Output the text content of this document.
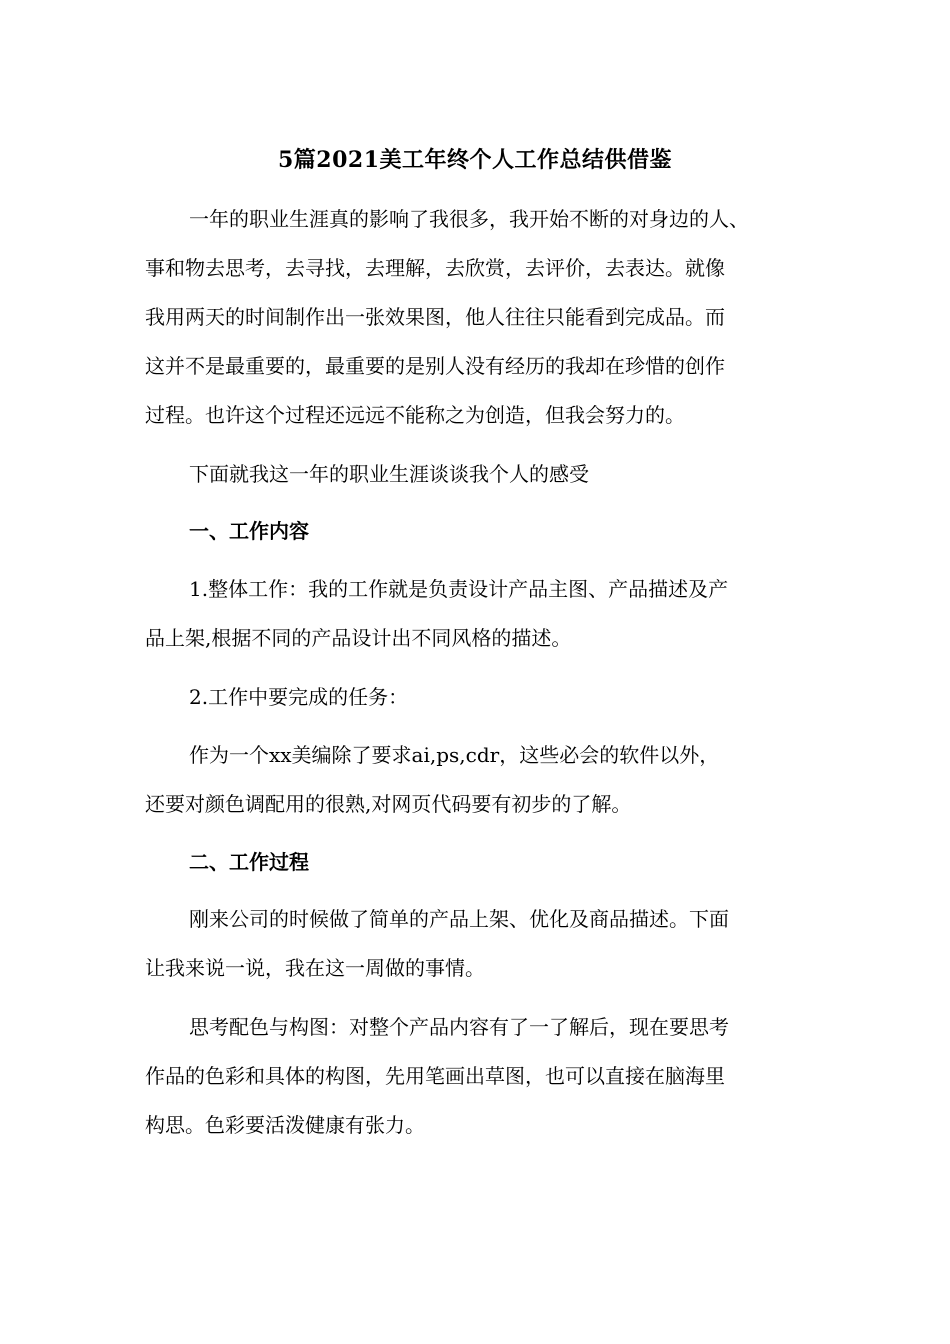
5篇2021美工年终个人工作总结供借鉴
一年的职业生涯真的影响了我很多，我开始不断的对身边的人、
事和物去思考，去寻找，去理解，去欣赏，去评价，去表达。就像
我用两天的时间制作出一张效果图，他人往往只能看到完成品。而
这并不是最重要的，最重要的是别人没有经历的我却在珍惜的创作
过程。也许这个过程还远远不能称之为创造，但我会努力的。
下面就我这一年的职业生涯谈谈我个人的感受
一、工作内容
1.整体工作：我的工作就是负责设计产品主图、产品描述及产
品上架,根据不同的产品设计出不同风格的描述。
2.工作中要完成的任务：
作为一个xx美编除了要求ai,ps,cdr，这些必会的软件以外，
还要对颜色调配用的很熟,对网页代码要有初步的了解。
二、工作过程
刚来公司的时候做了简单的产品上架、优化及商品描述。下面
让我来说一说，我在这一周做的事情。
思考配色与构图：对整个产品内容有了一了解后，现在要思考
作品的色彩和具体的构图，先用笔画出草图，也可以直接在脑海里
构思。色彩要活泼健康有张力。
